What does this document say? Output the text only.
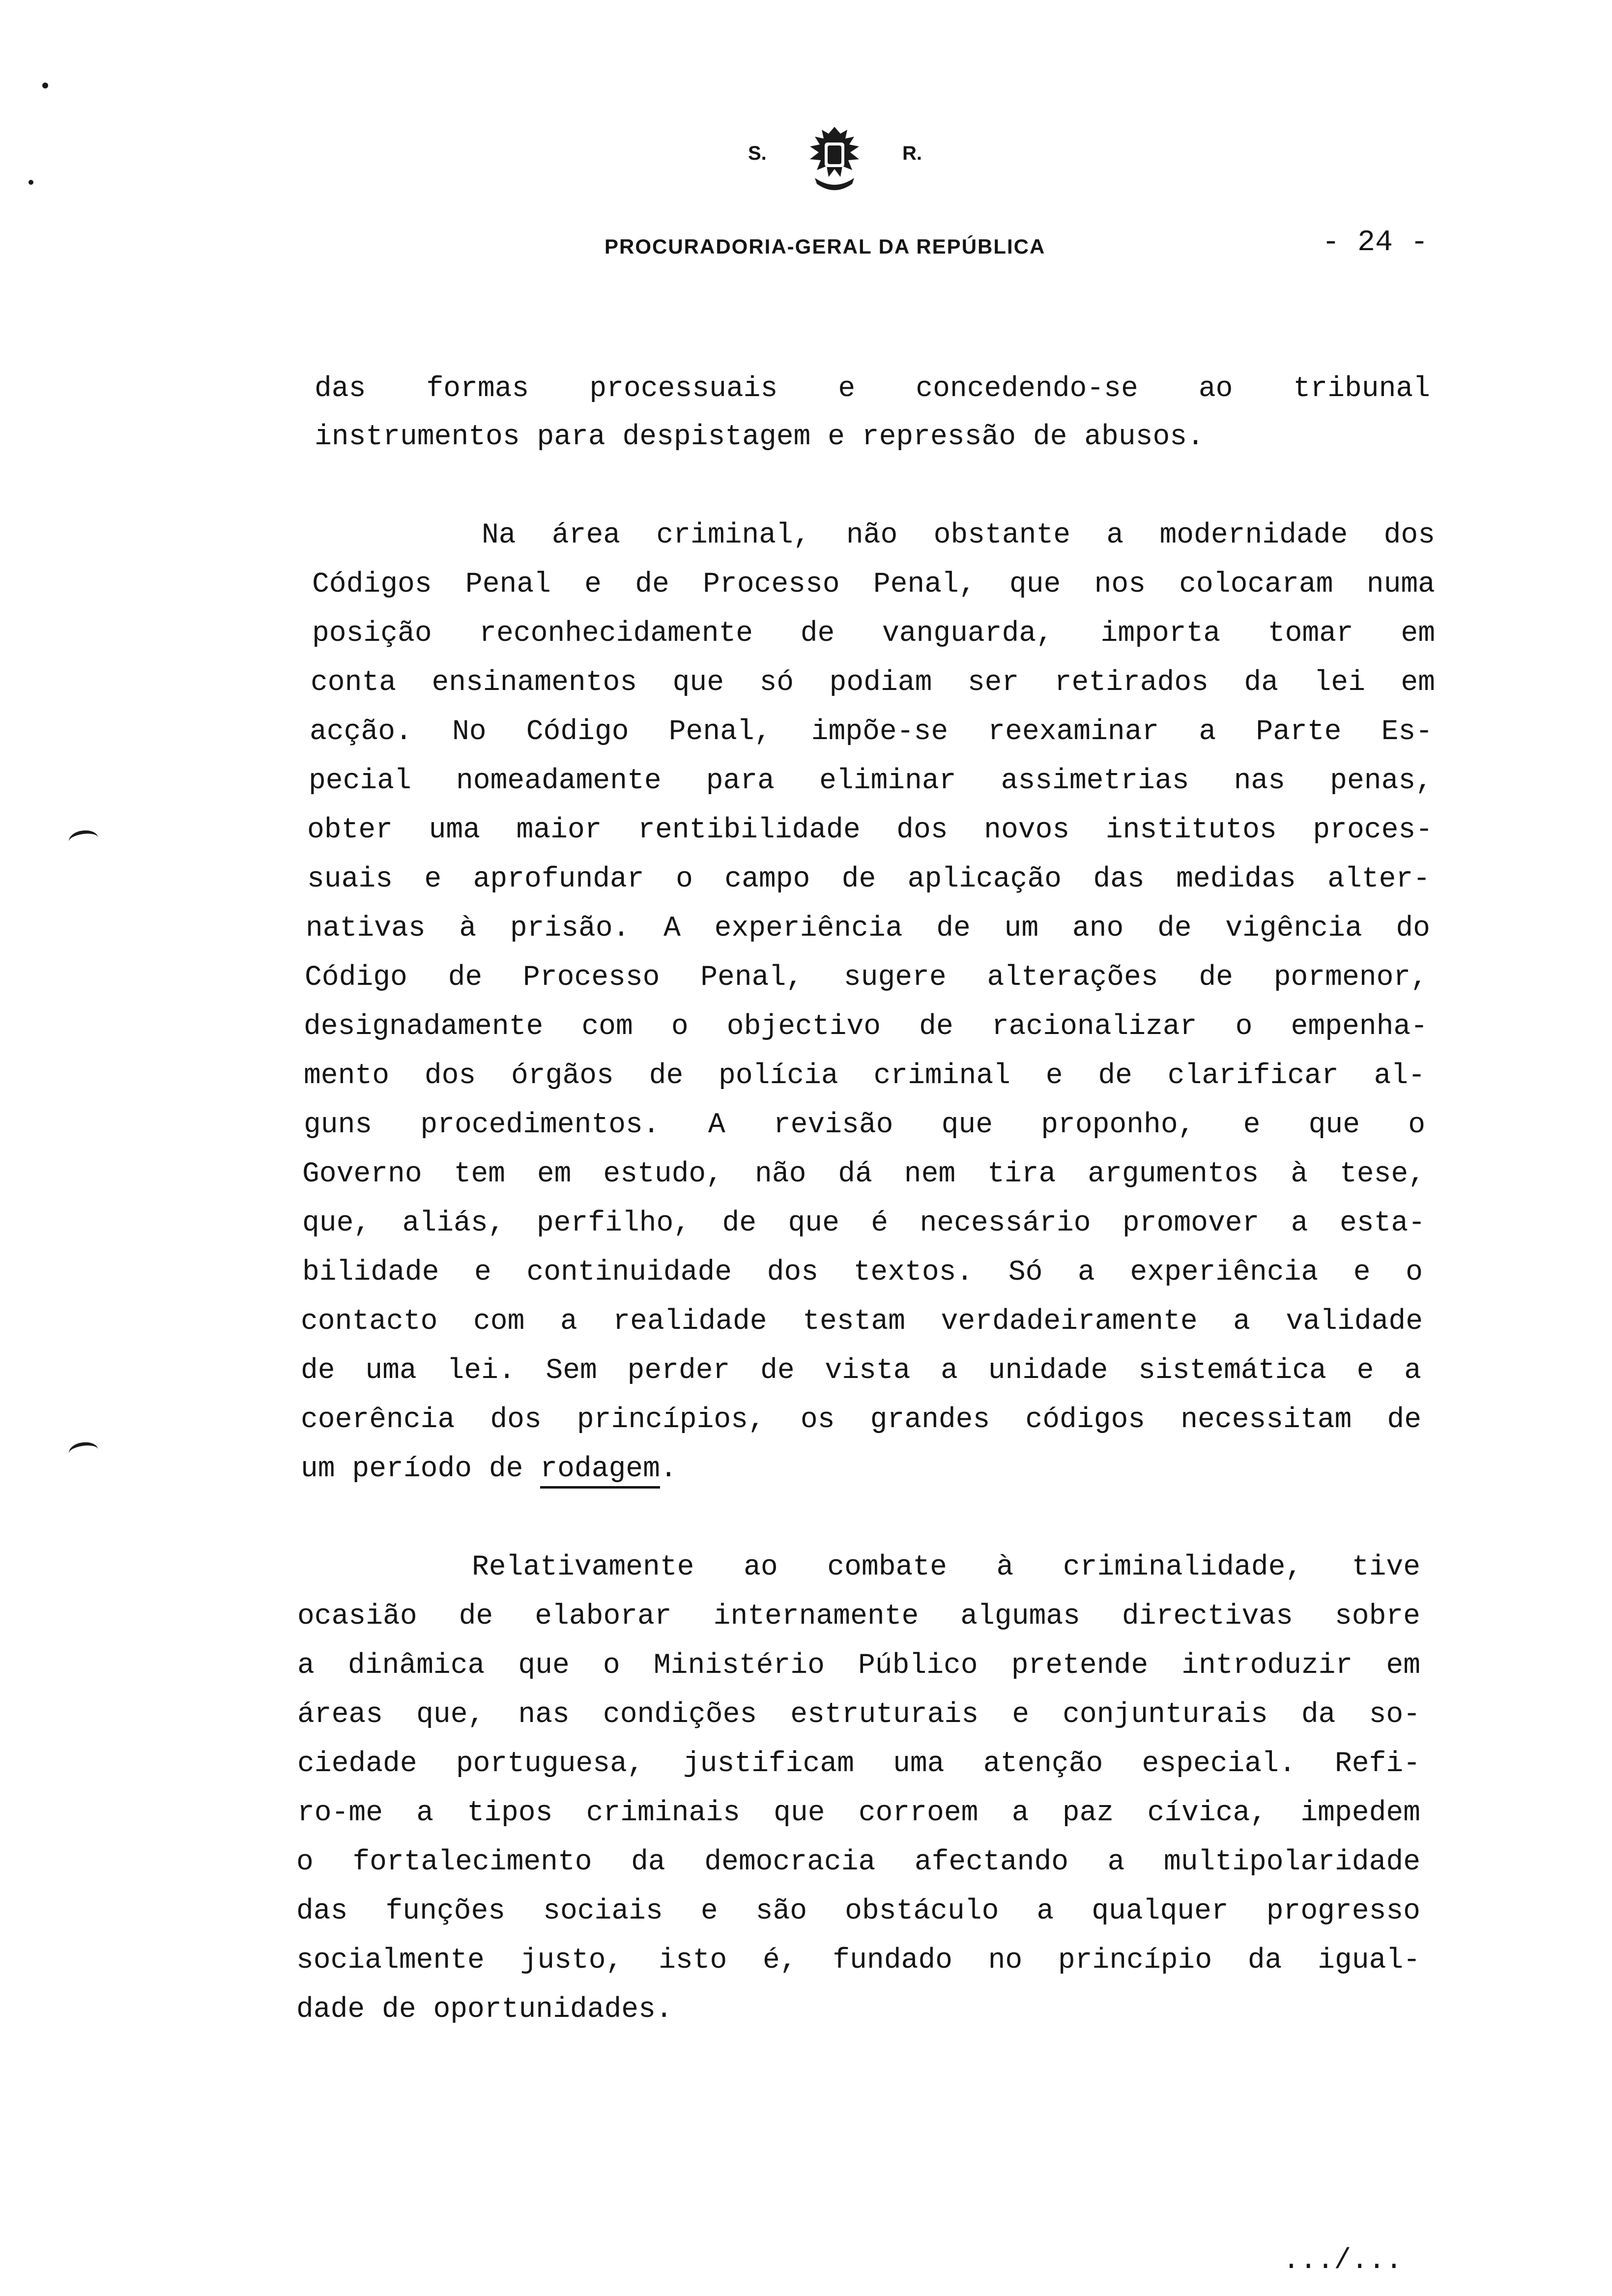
S.	R.
PROCURADORIA-GERAL DA REPÚBLICA	- 24 -
das formas processuais e concedendo-se ao tribunal
instrumentos para despistagem e repressão de abusos.
Na área criminal, não obstante a modernidade dos
Códigos Penal e de Processo Penal, que nos colocaram numa
posição reconhecidamente de vanguarda, importa tomar em
conta ensinamentos que só podiam ser retirados da lei em
acção. No Código Penal, impõe-se reexaminar a Parte Es-
pecial nomeadamente para eliminar assimetrias nas penas,
obter uma maior rentibilidade dos novos institutos proces-
suais e aprofundar o campo de aplicação das medidas alter-
nativas à prisão. A experiência de um ano de vigência do
Código de Processo Penal, sugere alterações de pormenor,
designadamente com o objectivo de racionalizar o empenha-
mento dos órgãos de polícia criminal e de clarificar al-
guns procedimentos. A revisão que proponho, e que o
Governo tem em estudo, não dá nem tira argumentos à tese,
que, aliás, perfilho, de que é necessário promover a esta-
bilidade e continuidade dos textos. Só a experiência e o
contacto com a realidade testam verdadeiramente a validade
de uma lei. Sem perder de vista a unidade sistemática e a
coerência dos princípios, os grandes códigos necessitam de

um período de rodagem.

Relativamente ao combate à criminalidade, tive
ocasião de elaborar internamente algumas directivas sobre
a dinâmica que o Ministério Público pretende introduzir em
áreas que, nas condições estruturais e conjunturais da so-
ciedade portuguesa, justificam uma atenção especial. Refi-
ro-me a tipos criminais que corroem a paz cívica, impedem
o fortalecimento da democracia afectando a multipolaridade
das funções sociais e são obstáculo a qualquer progresso
socialmente justo, isto é, fundado no princípio da igual-
dade de oportunidades.
.../...
